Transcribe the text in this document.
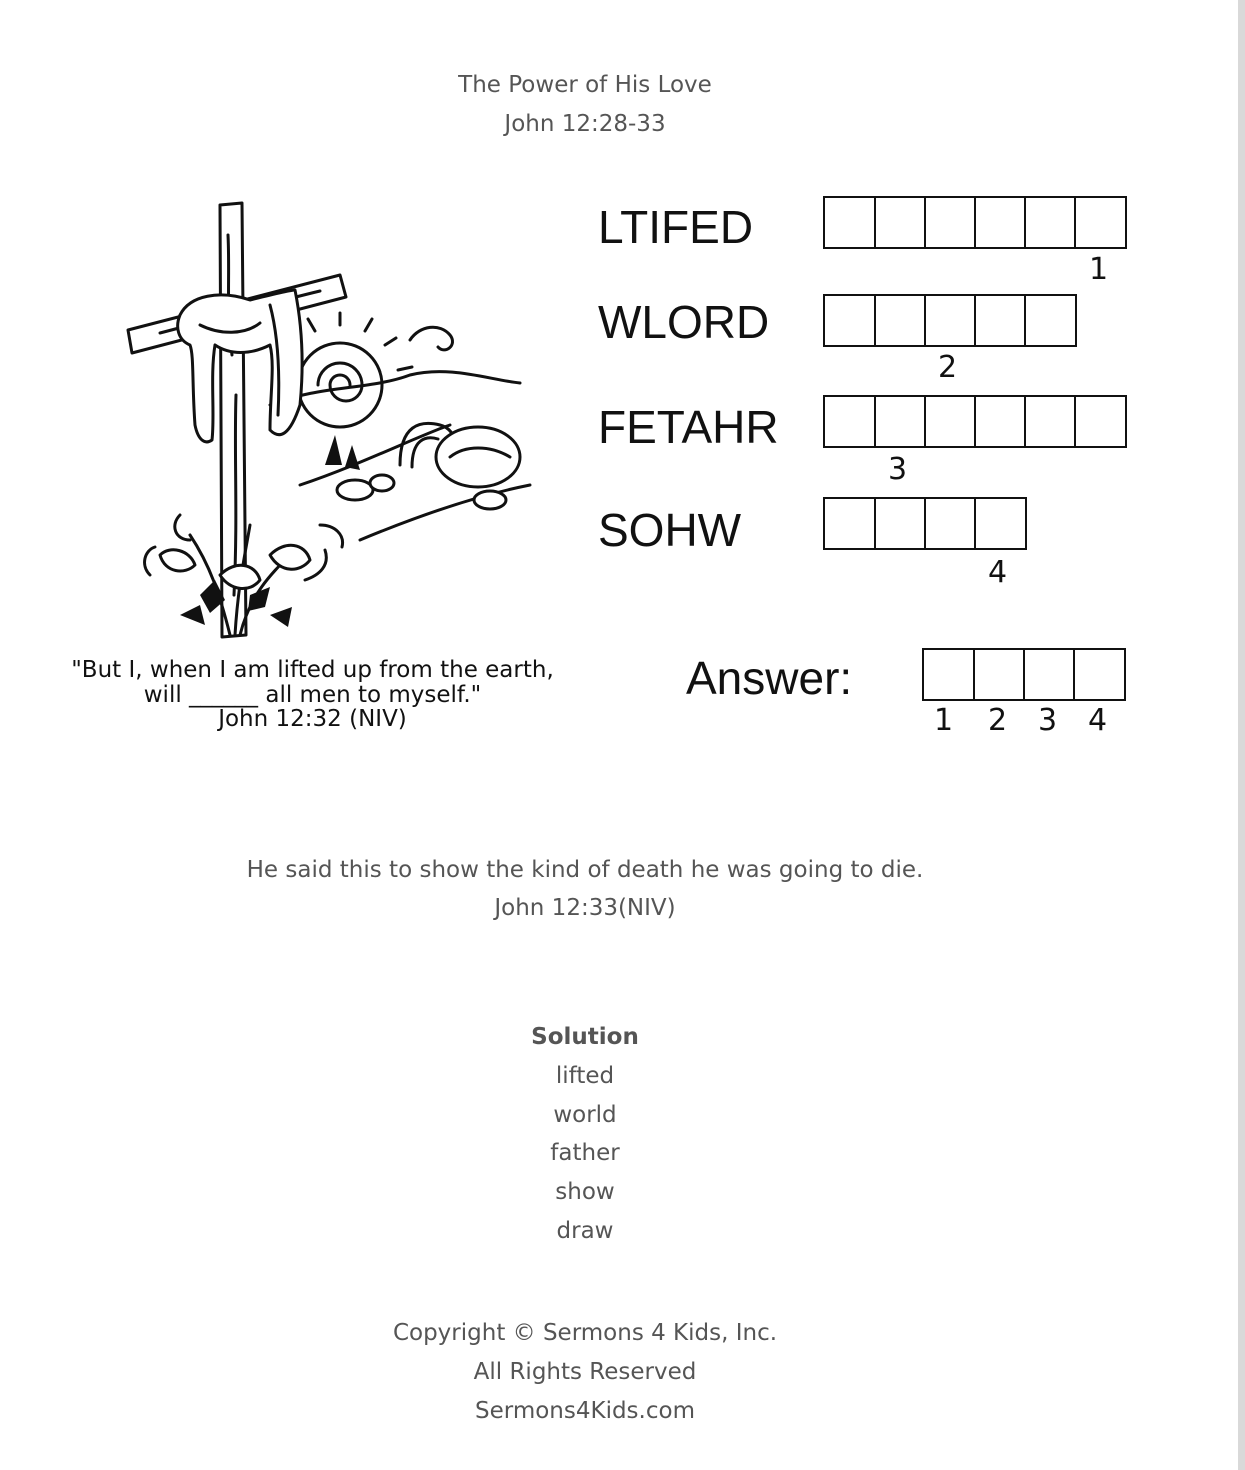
The Power of His Love
John 12:28-33
"But I, when I am lifted up from the earth,
will ______ all men to myself."
John 12:32 (NIV)
LTIFED
1
WLORD
2
FETAHR
3
SOHW
4
Answer:
1 2 3 4
He said this to show the kind of death he was going to die.
John 12:33(NIV)
Solution
lifted
world
father
show
draw
Copyright © Sermons 4 Kids, Inc.
All Rights Reserved
Sermons4Kids.com
